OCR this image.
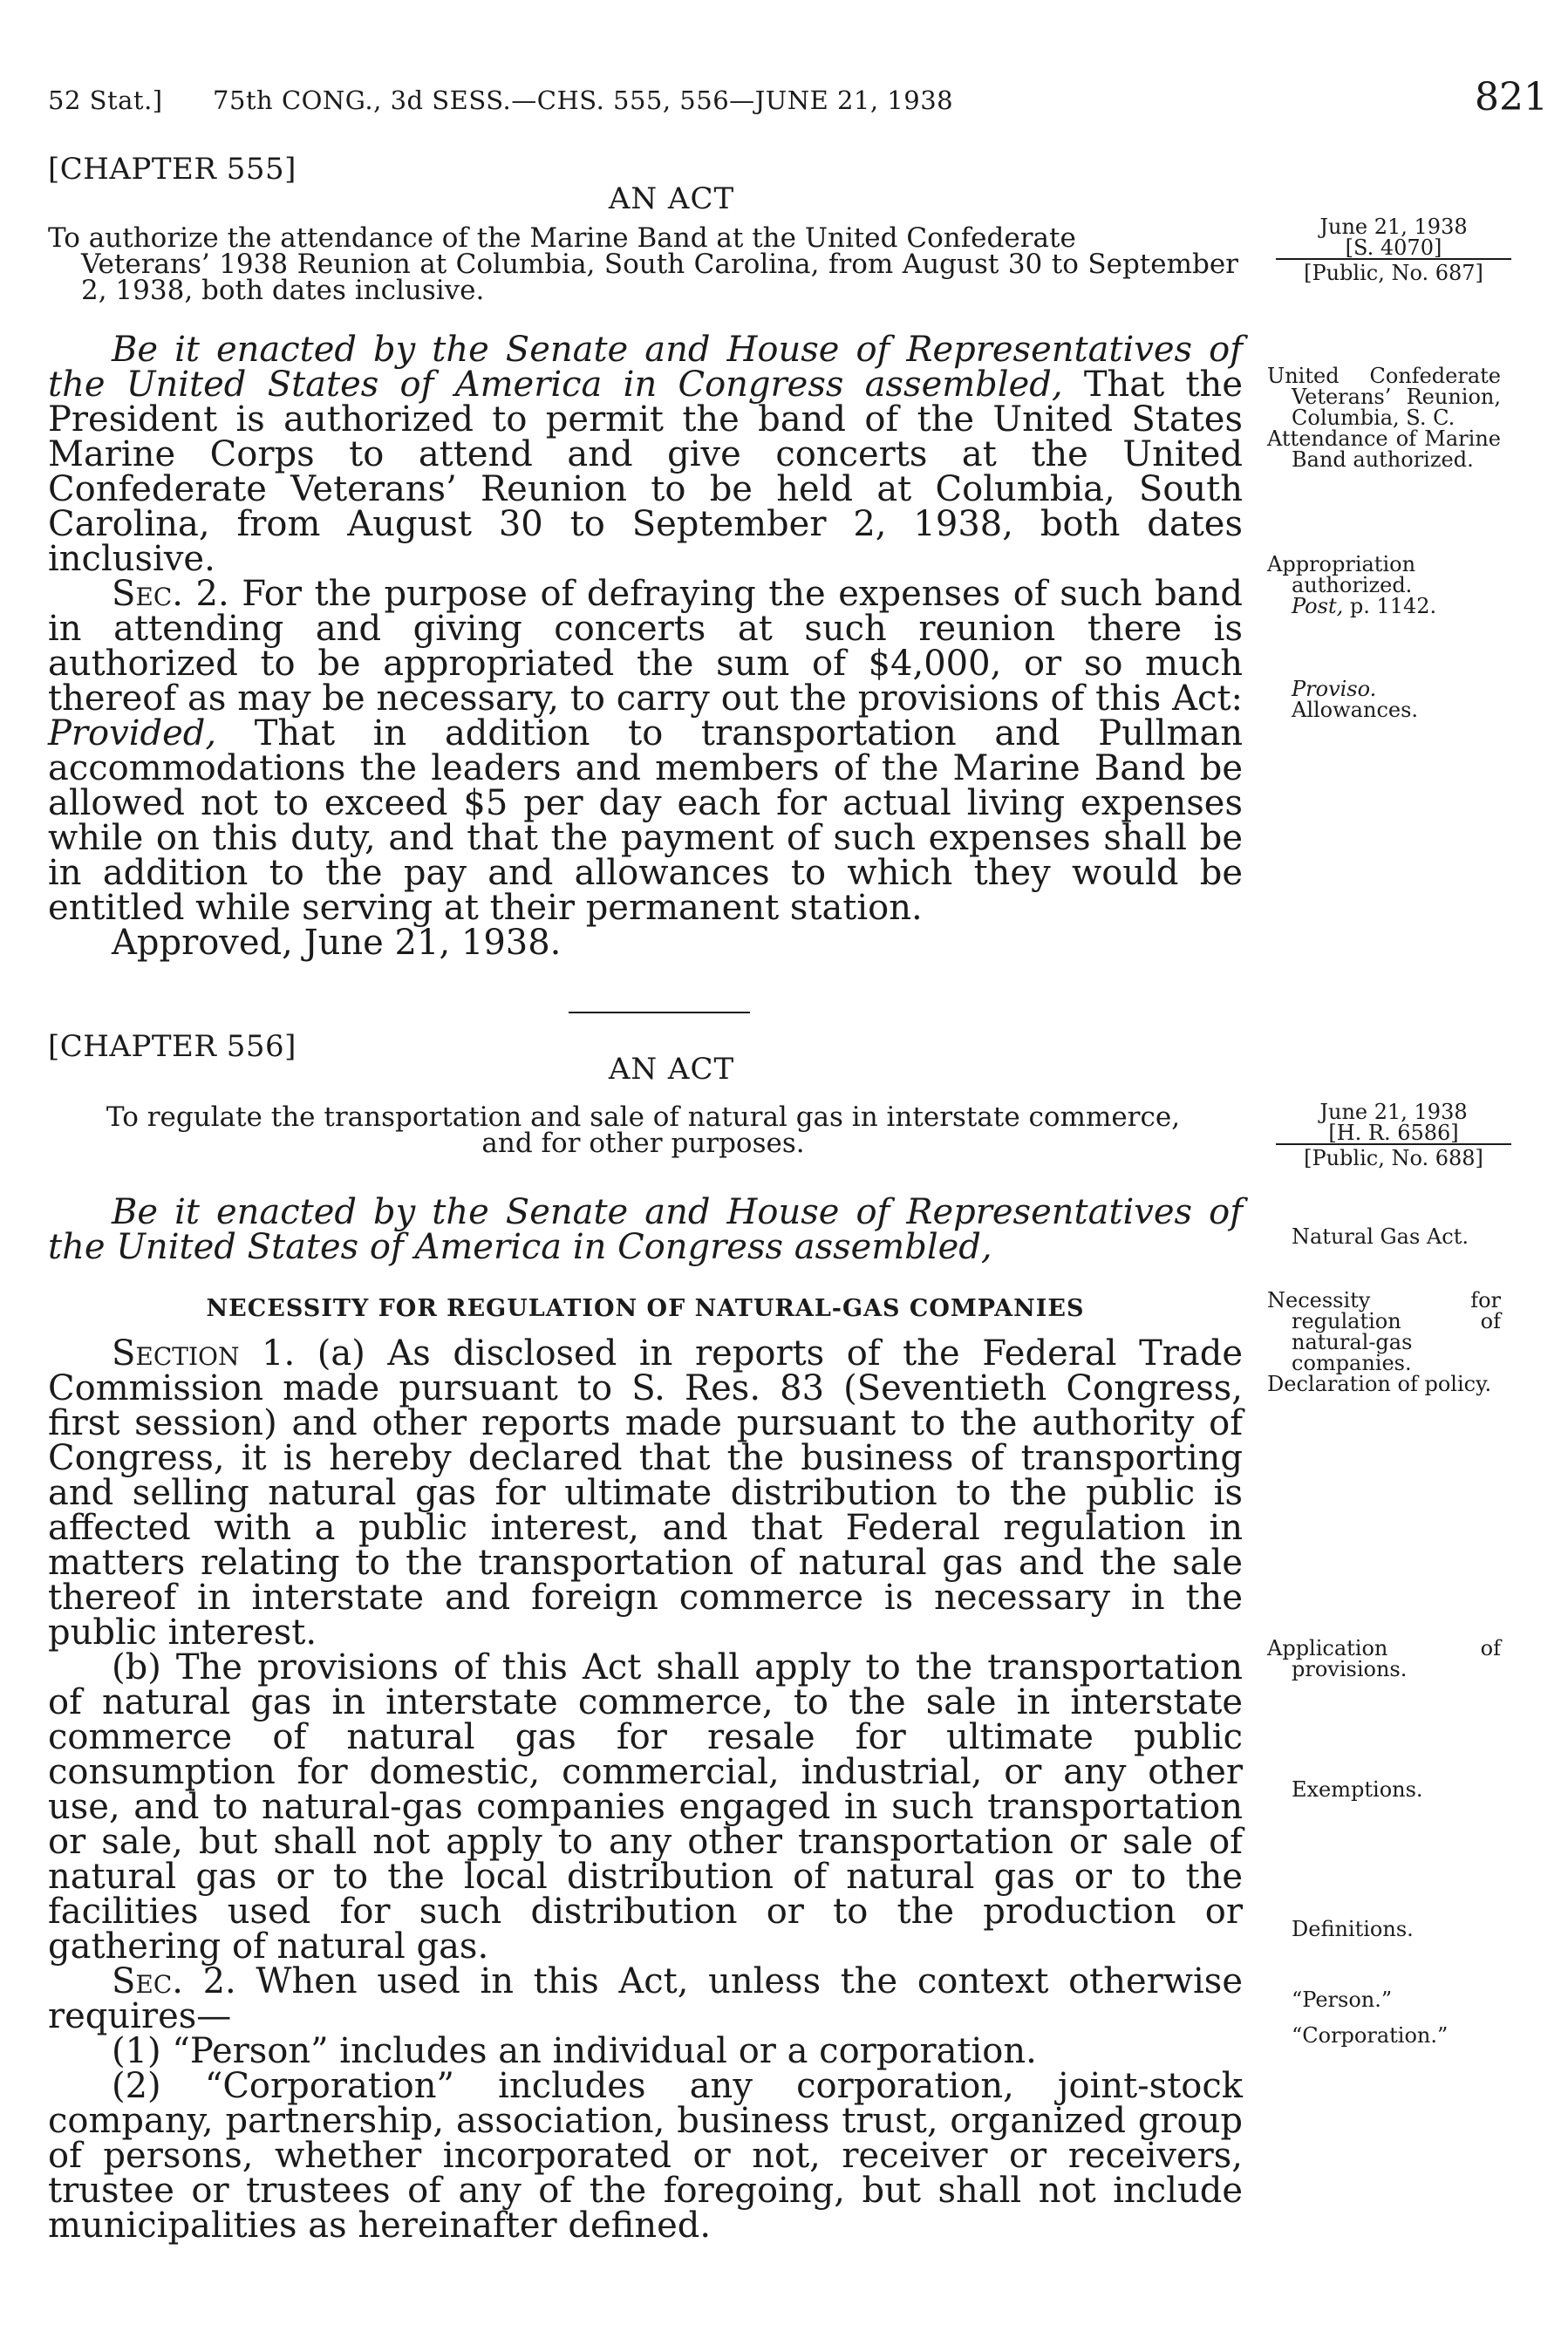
52 Stat.] 75th CONG., 3d SESS.—CHS. 555, 556—JUNE 21, 1938	821
[CHAPTER 555]
AN ACT
To authorize the attendance of the Marine Band at the United Confederate
Veterans’ 1938 Reunion at Columbia, South Carolina, from August 30 to September 2, 1938, both dates inclusive.
June 21, 1938
[S. 4070]
[Public, No. 687]

Be it enacted by the Senate and House of Representatives of the United States of America in Congress assembled, That the President is authorized to permit the band of the United States Marine Corps to attend and give concerts at the United Confederate Veterans’ Reunion to be held at Columbia, South Carolina, from August 30 to September 2, 1938, both dates inclusive.

Sec. 2. For the purpose of defraying the expenses of such band in attending and giving concerts at such reunion there is authorized to be appropriated the sum of $4,000, or so much thereof as may be necessary, to carry out the provisions of this Act: Provided, That in addition to transportation and Pullman accommodations the leaders and members of the Marine Band be allowed not to exceed $5 per day each for actual living expenses while on this duty, and that the payment of such expenses shall be in addition to the pay and allowances to which they would be entitled while serving at their permanent station.

Approved, June 21, 1938.

United Confederate Veterans’ Reunion, Columbia, S. C.
Attendance of Marine Band authorized.
Appropriation authorized.
Post, p. 1142.
Proviso.
Allowances.
[CHAPTER 556]
AN ACT
To regulate the transportation and sale of natural gas in interstate commerce,
and for other purposes.
June 21, 1938
[H. R. 6586]
[Public, No. 688]

Be it enacted by the Senate and House of Representatives of the United States of America in Congress assembled,	Natural Gas Act.
NECESSITY FOR REGULATION OF NATURAL-GAS COMPANIES

Section 1. (a) As disclosed in reports of the Federal Trade Commission made pursuant to S. Res. 83 (Seventieth Congress, first session) and other reports made pursuant to the authority of Congress, it is hereby declared that the business of transporting and selling natural gas for ultimate distribution to the public is affected with a public interest, and that Federal regulation in matters relating to the transportation of natural gas and the sale thereof in interstate and foreign commerce is necessary in the public interest.

(b) The provisions of this Act shall apply to the transportation of natural gas in interstate commerce, to the sale in interstate commerce of natural gas for resale for ultimate public consumption for domestic, commercial, industrial, or any other use, and to natural-gas companies engaged in such transportation or sale, but shall not apply to any other transportation or sale of natural gas or to the local distribution of natural gas or to the facilities used for such distribution or to the production or gathering of natural gas.

Sec. 2. When used in this Act, unless the context otherwise requires—

(1) “Person” includes an individual or a corporation.

(2) “Corporation” includes any corporation, joint-stock company, partnership, association, business trust, organized group of persons, whether incorporated or not, receiver or receivers, trustee or trustees of any of the foregoing, but shall not include municipalities as hereinafter defined.

Necessity for regulation of natural-gas companies.
Declaration of policy.
Application of provisions.
Exemptions.
Definitions.
“Person.”
“Corporation.”
